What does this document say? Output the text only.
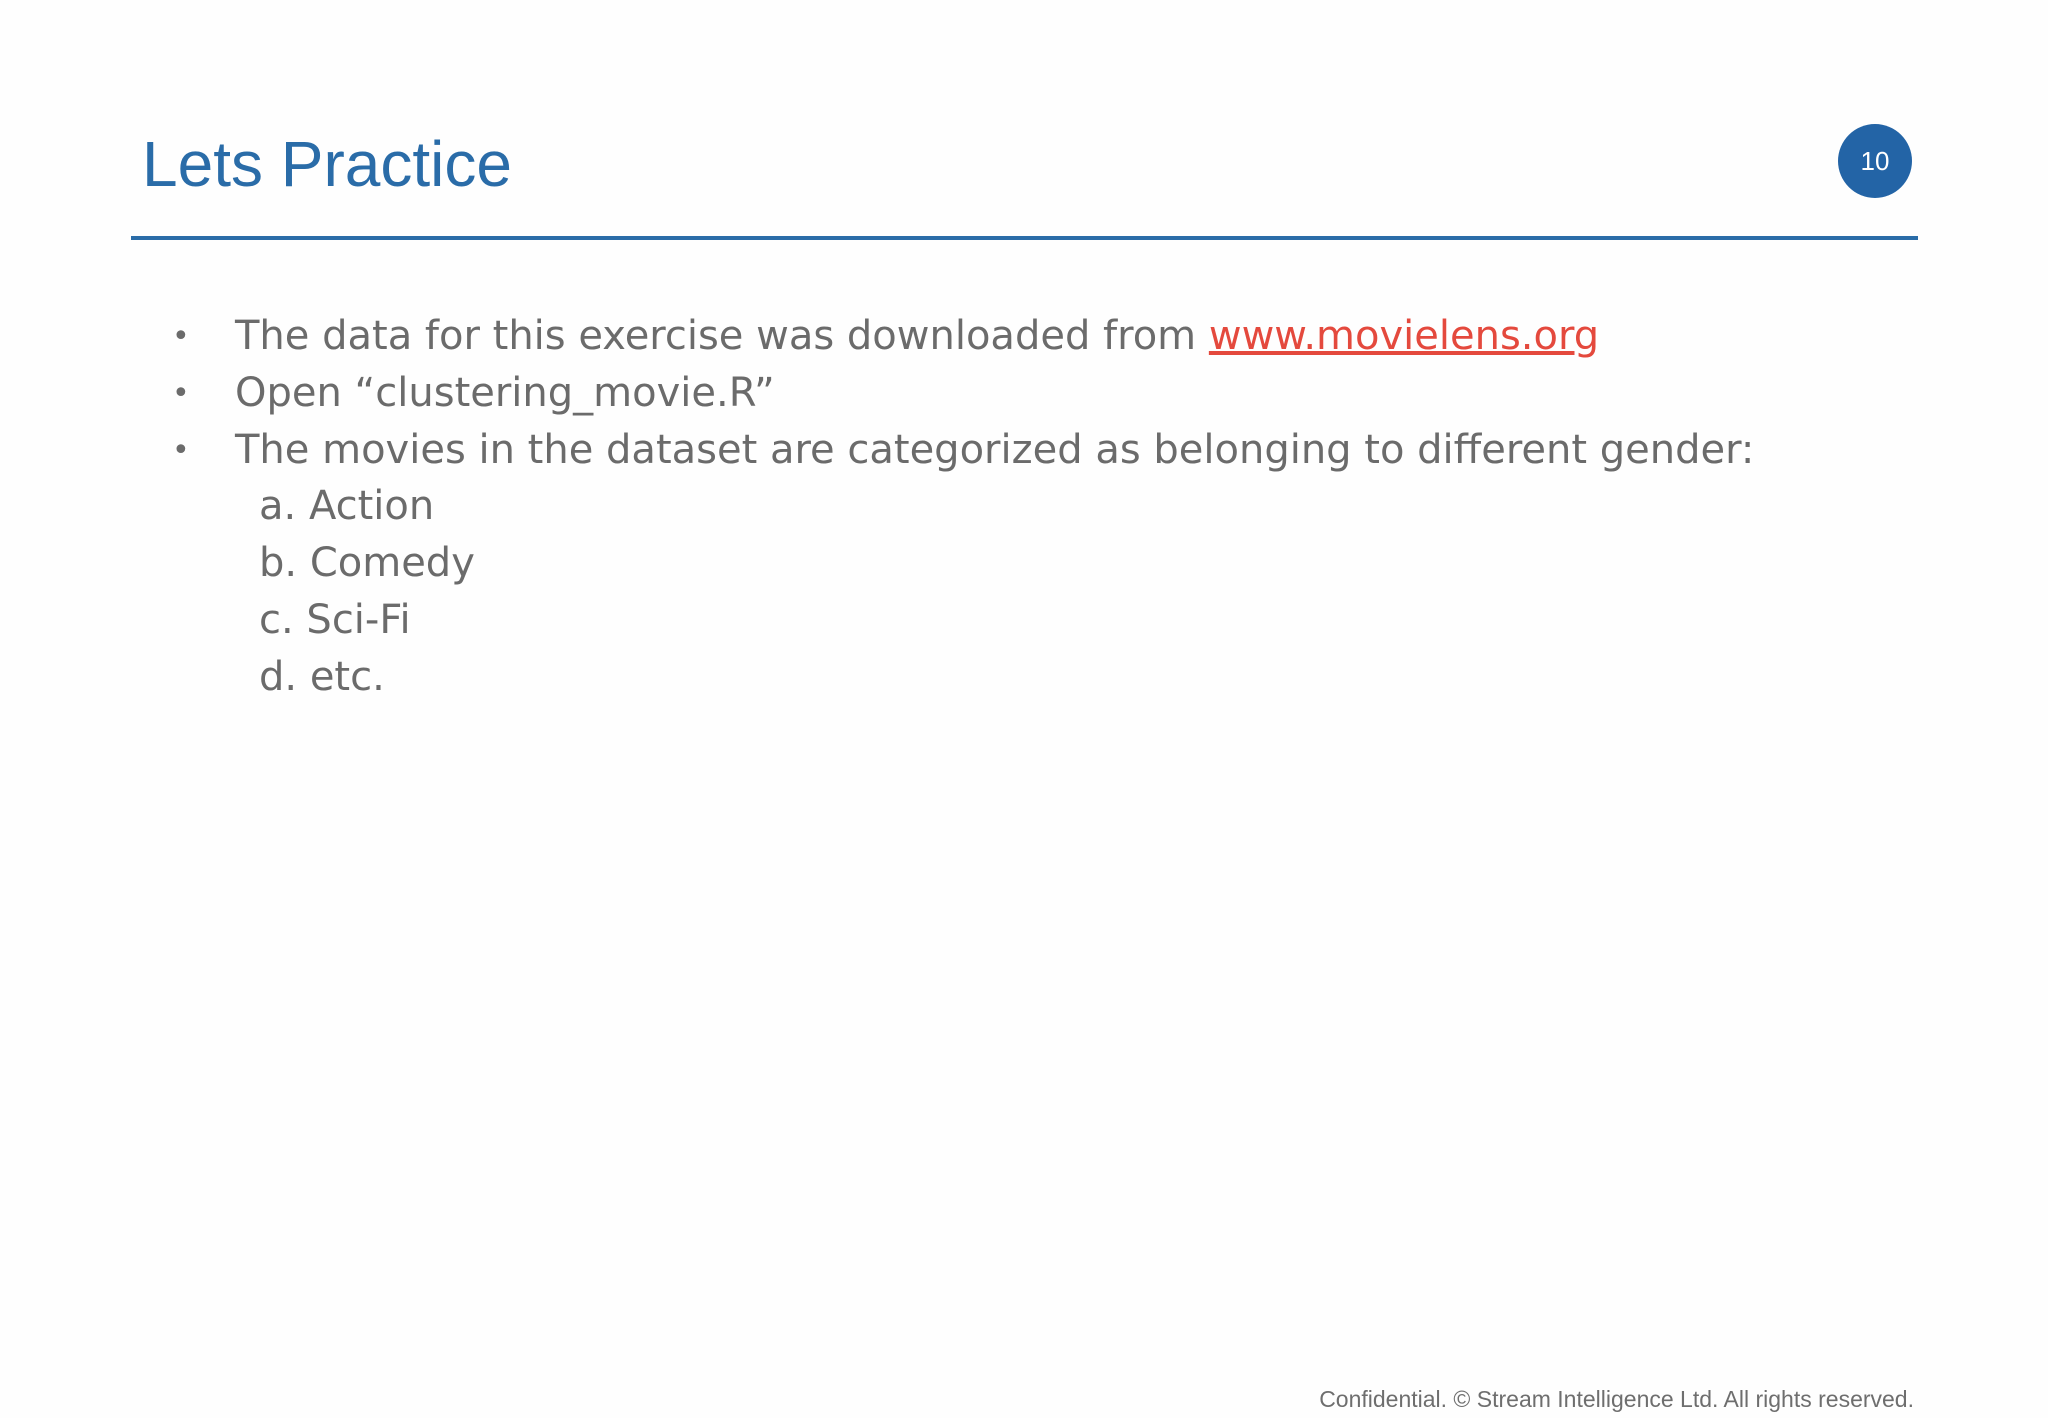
Lets Practice	10
•	The data for this exercise was downloaded from www.movielens.org
•	Open “clustering_movie.R”
•	The movies in the dataset are categorized as belonging to different gender:
a. Action
b. Comedy
c. Sci-Fi
d. etc.
Confidential. © Stream Intelligence Ltd. All rights reserved.
